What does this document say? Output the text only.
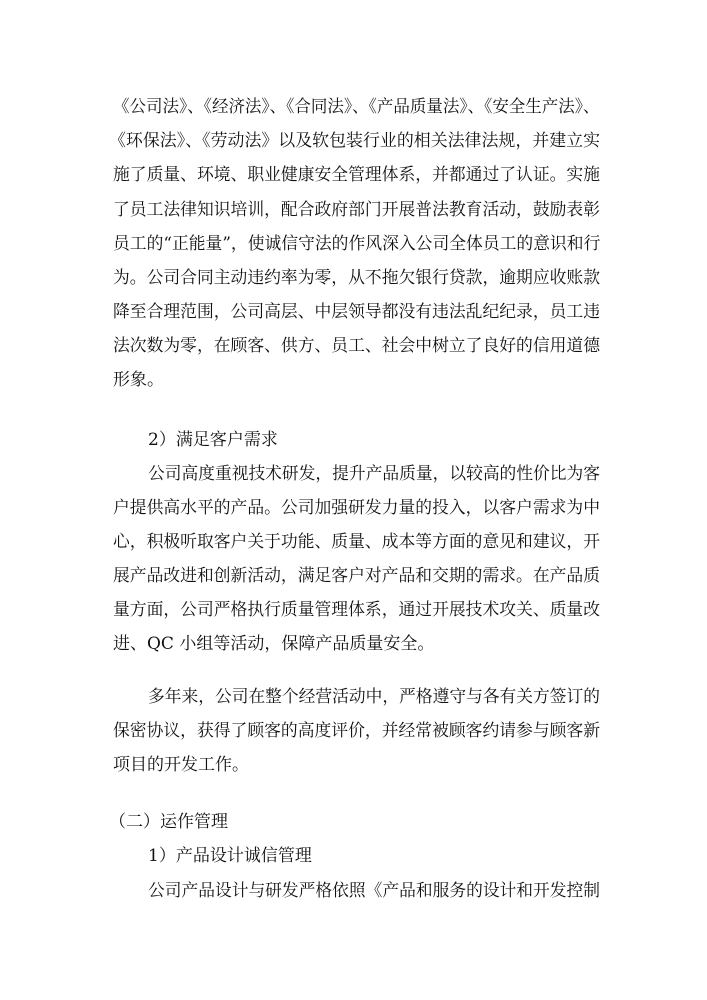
《公司法》、《经济法》、《合同法》、《产品质量法》、《安全生产法》、
《环保法》、《劳动法》以及软包装行业的相关法律法规，并建立实
施了质量、环境、职业健康安全管理体系，并都通过了认证。实施
了员工法律知识培训，配合政府部门开展普法教育活动，鼓励表彰
员工的“正能量”，使诚信守法的作风深入公司全体员工的意识和行
为。公司合同主动违约率为零，从不拖欠银行贷款，逾期应收账款
降至合理范围，公司高层、中层领导都没有违法乱纪纪录，员工违
法次数为零，在顾客、供方、员工、社会中树立了良好的信用道德
形象。
2）满足客户需求
公司高度重视技术研发，提升产品质量，以较高的性价比为客
户提供高水平的产品。公司加强研发力量的投入，以客户需求为中
心，积极听取客户关于功能、质量、成本等方面的意见和建议，开
展产品改进和创新活动，满足客户对产品和交期的需求。在产品质
量方面，公司严格执行质量管理体系，通过开展技术攻关、质量改
进、QC 小组等活动，保障产品质量安全。
多年来，公司在整个经营活动中，严格遵守与各有关方签订的
保密协议，获得了顾客的高度评价，并经常被顾客约请参与顾客新
项目的开发工作。
（二）运作管理
1）产品设计诚信管理
公司产品设计与研发严格依照《产品和服务的设计和开发控制
